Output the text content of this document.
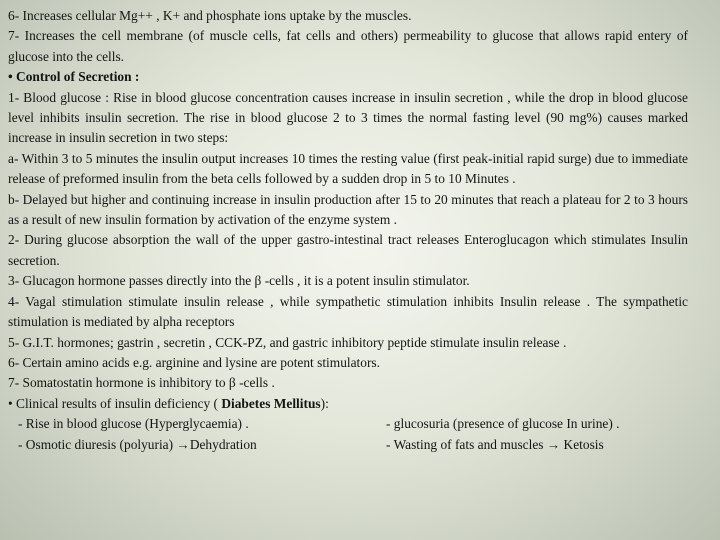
6- Increases cellular Mg++ , K+ and phosphate ions uptake by the muscles.

7- Increases the cell membrane (of muscle cells, fat cells and others) permeability to glucose that allows rapid entery of glucose into the cells.

• Control of Secretion :

1- Blood glucose : Rise in blood glucose concentration causes increase in insulin secretion , while the drop in blood glucose level inhibits insulin secretion. The rise in blood glucose 2 to 3 times the normal fasting level (90 mg%) causes marked increase in insulin secretion in two steps:

a- Within 3 to 5 minutes the insulin output increases 10 times the resting value (first peak-initial rapid surge) due to immediate release of preformed insulin from the beta cells followed by a sudden drop in 5 to 10 Minutes .

b- Delayed but higher and continuing increase in insulin production after 15 to 20 minutes that reach a plateau for 2 to 3 hours as a result of new insulin formation by activation of the enzyme system .

2- During glucose absorption the wall of the upper gastro-intestinal tract releases Enteroglucagon which stimulates Insulin secretion.

3- Glucagon hormone passes directly into the β -cells , it is a potent insulin stimulator.

4- Vagal stimulation stimulate insulin release , while sympathetic stimulation inhibits Insulin release . The sympathetic stimulation is mediated by alpha receptors

5- G.I.T. hormones; gastrin , secretin , CCK-PZ, and gastric inhibitory peptide stimulate insulin release .

6- Certain amino acids e.g. arginine and lysine are potent stimulators.

7- Somatostatin hormone is inhibitory to β -cells .

• Clinical results of insulin deficiency ( Diabetes Mellitus):

- Rise in blood glucose (Hyperglycaemia) .	- glucosuria (presence of glucose In urine) .
- Osmotic diuresis (polyuria) →Dehydration	- Wasting of fats and muscles → Ketosis
